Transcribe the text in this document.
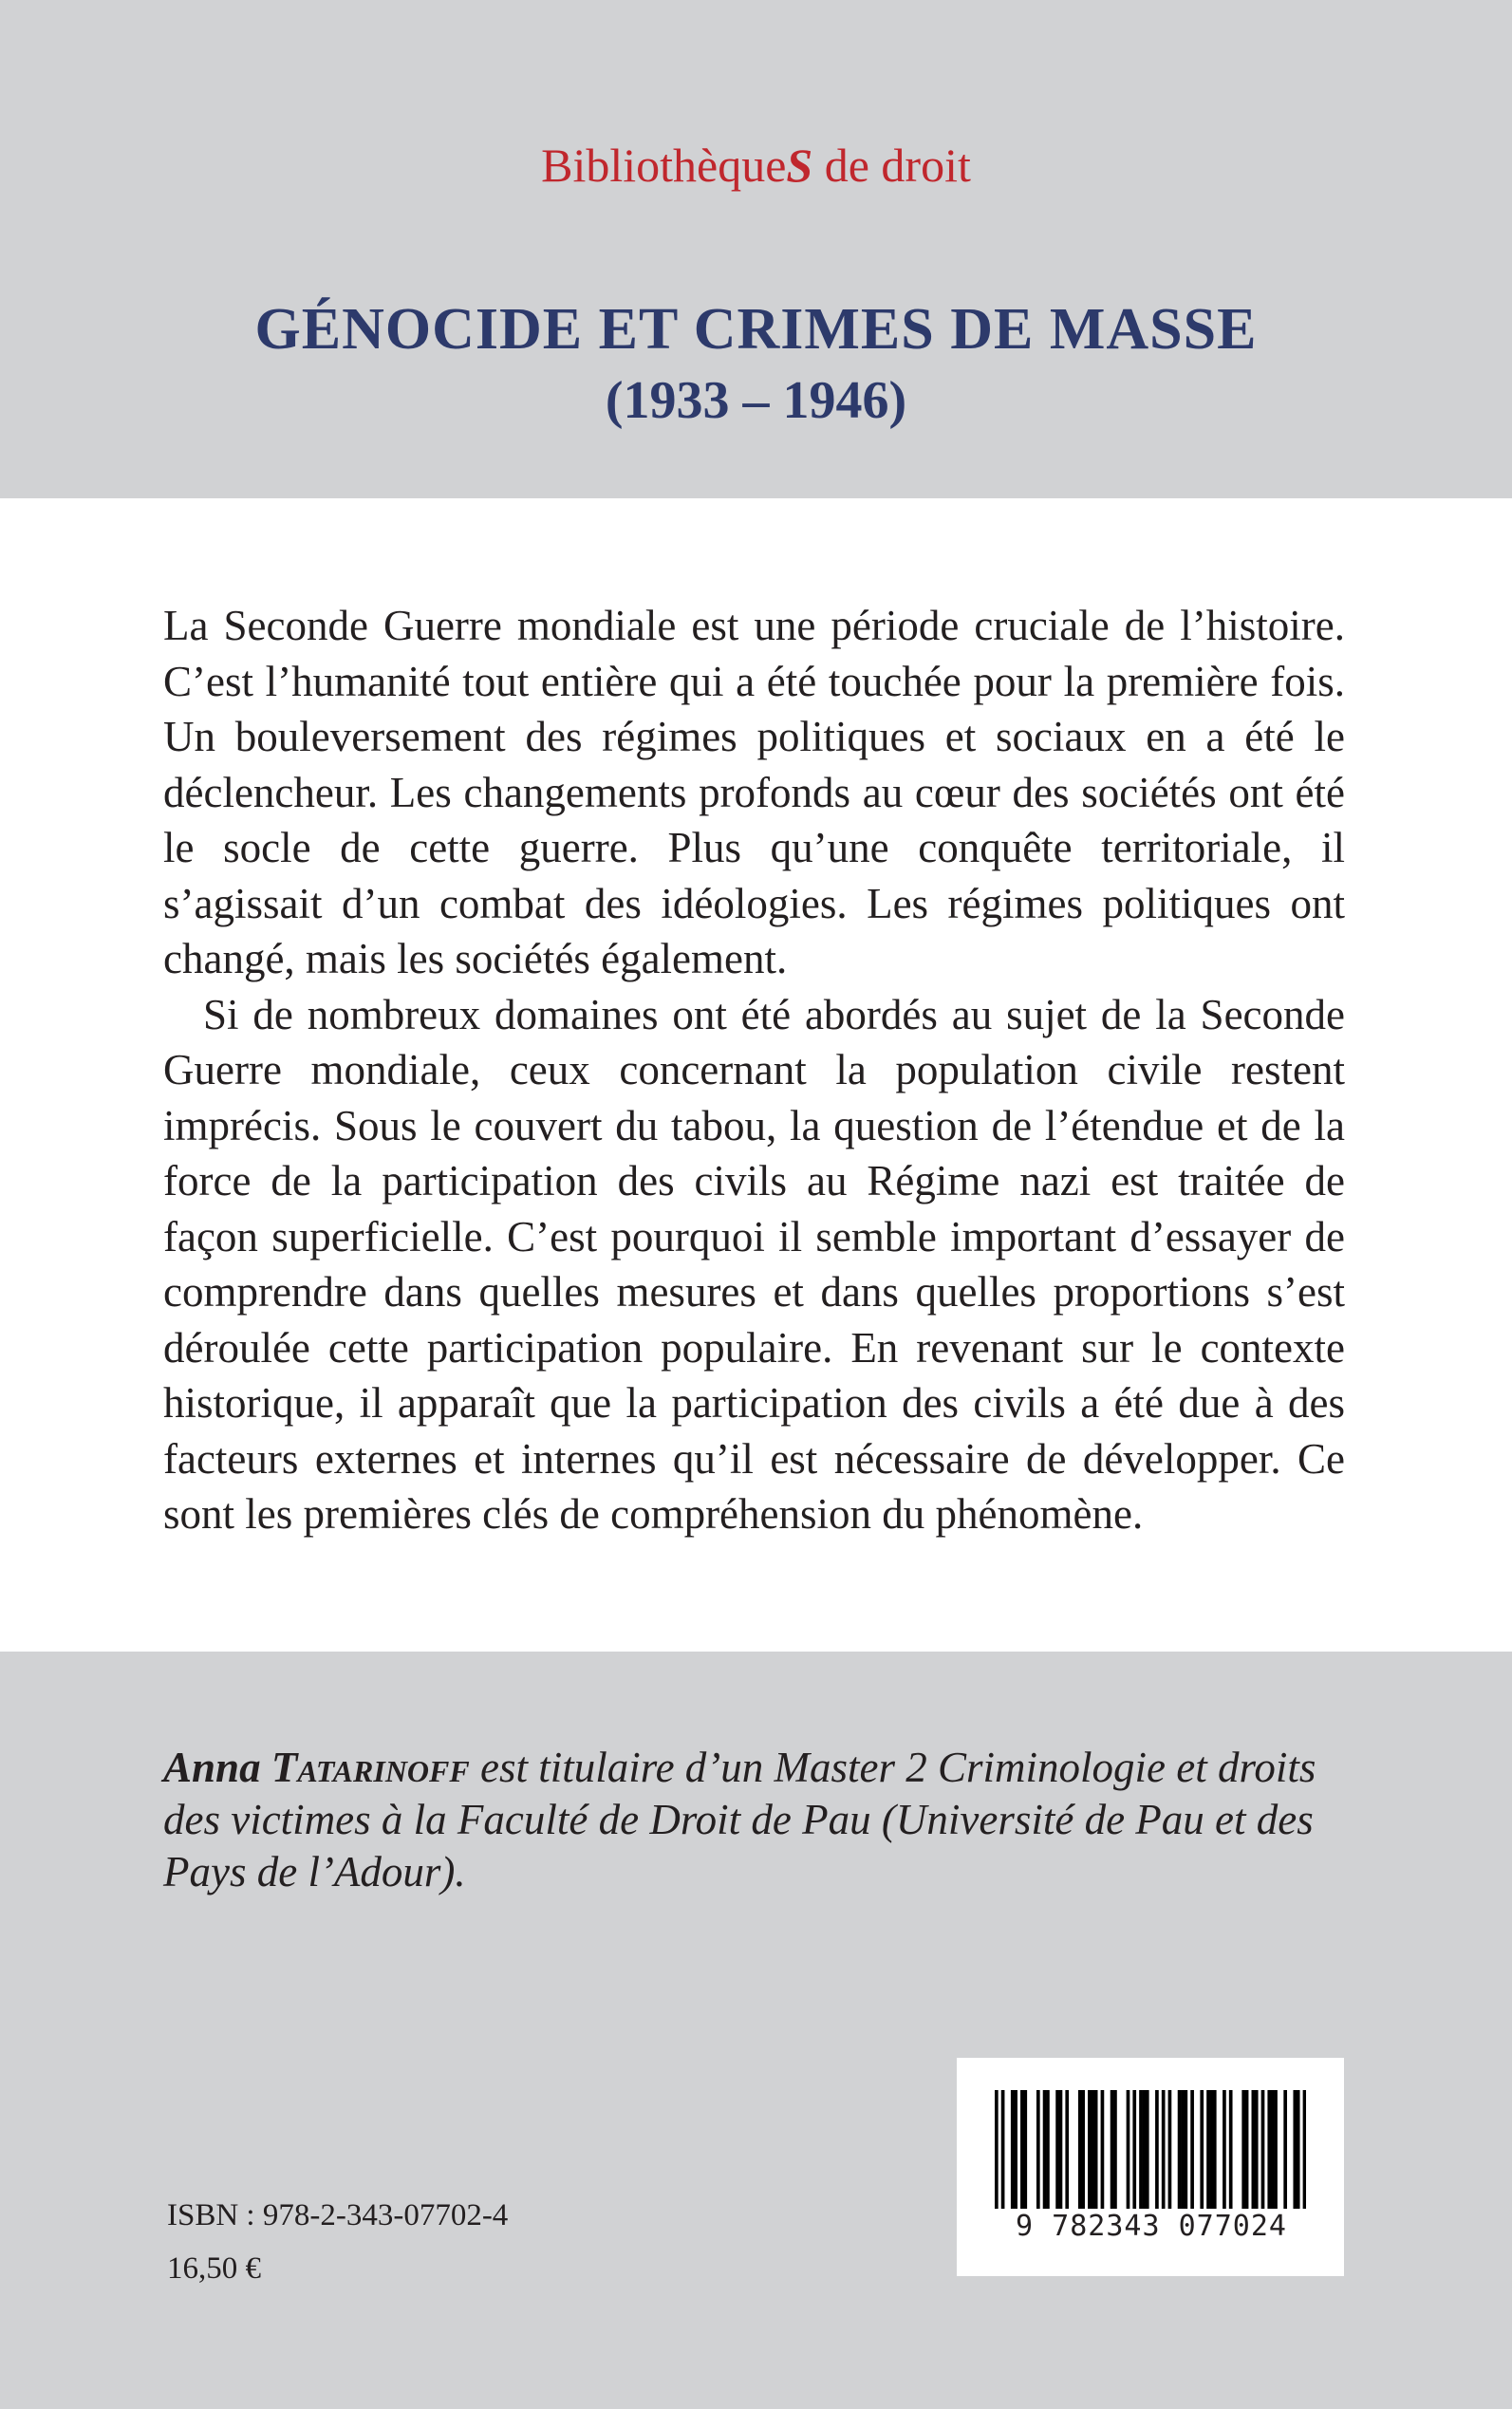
BibliothèqueS de droit
GÉNOCIDE ET CRIMES DE MASSE
(1933 – 1946)

La Seconde Guerre mondiale est une période cruciale de l’histoire. C’est l’humanité tout entière qui a été touchée pour la première fois. Un bouleversement des régimes politiques et sociaux en a été le déclencheur. Les changements profonds au cœur des sociétés ont été le socle de cette guerre. Plus qu’une conquête territoriale, il s’agissait d’un combat des idéologies. Les régimes politiques ont changé, mais les sociétés également.

Si de nombreux domaines ont été abordés au sujet de la Seconde Guerre mondiale, ceux concernant la population civile restent imprécis. Sous le couvert du tabou, la question de l’étendue et de la force de la participation des civils au Régime nazi est traitée de façon superficielle. C’est pourquoi il semble important d’essayer de comprendre dans quelles mesures et dans quelles proportions s’est déroulée cette participation populaire. En revenant sur le contexte historique, il apparaît que la participation des civils a été due à des facteurs externes et internes qu’il est nécessaire de développer. Ce sont les premières clés de compréhension du phénomène.

Anna Tatarinoff est titulaire d’un Master 2 Criminologie et droits des victimes à la Faculté de Droit de Pau (Université de Pau et des Pays de l’Adour).
9 782343 077024
ISBN : 978-2-343-07702-4
16,50 €
